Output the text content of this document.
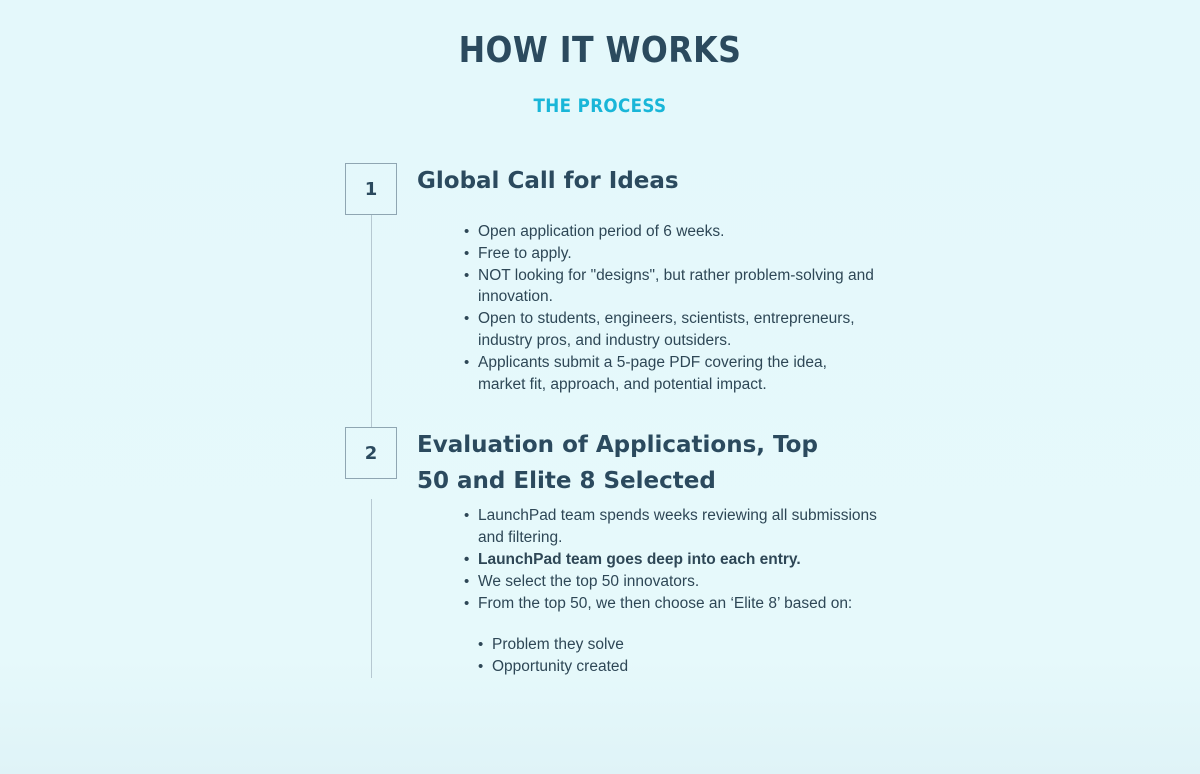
HOW IT WORKS
THE PROCESS
1	Global Call for Ideas
• Open application period of 6 weeks.
• Free to apply.
• NOT looking for "designs", but rather problem-solving and innovation.
• Open to students, engineers, scientists, entrepreneurs, industry pros, and industry outsiders.
• Applicants submit a 5-page PDF covering the idea, market fit, approach, and potential impact.
2	Evaluation of Applications, Top 50 and Elite 8 Selected
• LaunchPad team spends weeks reviewing all submissions and filtering.
• LaunchPad team goes deep into each entry.
• We select the top 50 innovators.
• From the top 50, we then choose an ‘Elite 8’ based on:
• Problem they solve
• Opportunity created
